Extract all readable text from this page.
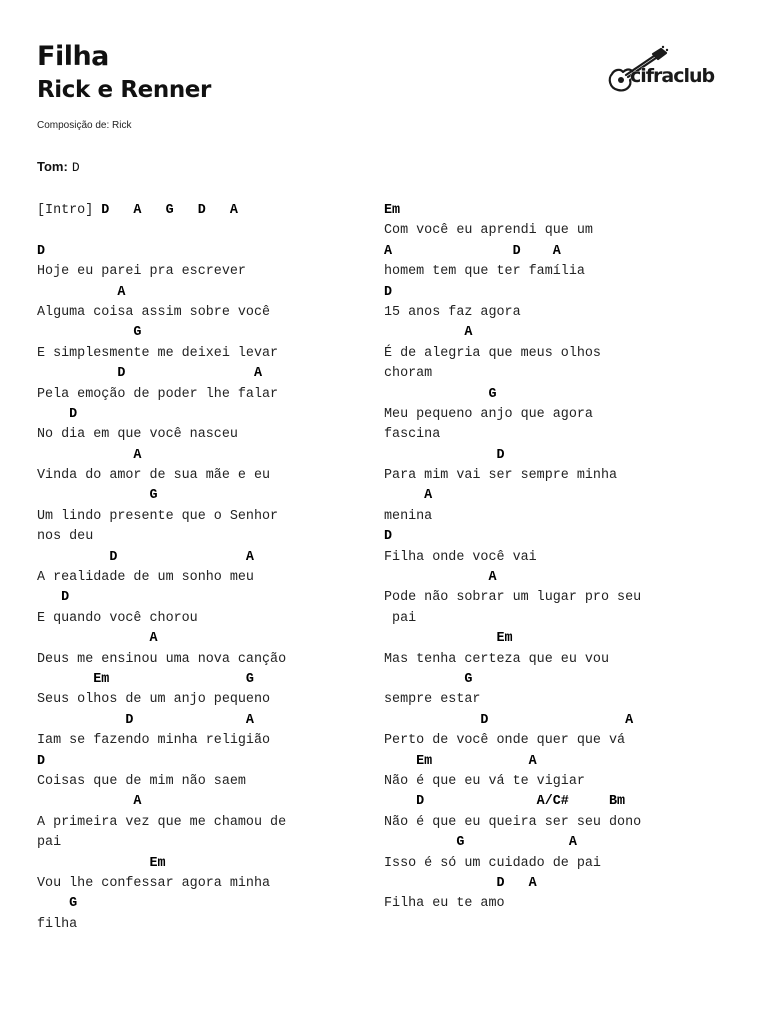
Filha
Rick e Renner
Composição de: Rick
Tom: D
cifraclub
[Intro] D   A   G   D   A
D
Hoje eu parei pra escrever
A
Alguma coisa assim sobre você
G
E simplesmente me deixei levar
D                A
Pela emoção de poder lhe falar
D
No dia em que você nasceu
A
Vinda do amor de sua mãe e eu
G
Um lindo presente que o Senhor
nos deu
D                A
A realidade de um sonho meu
D
E quando você chorou
A
Deus me ensinou uma nova canção
Em                 G
Seus olhos de um anjo pequeno
D              A
Iam se fazendo minha religião
D
Coisas que de mim não saem
A
A primeira vez que me chamou de
pai
Em
Vou lhe confessar agora minha
G
filha
Em
Com você eu aprendi que um
A               D    A
homem tem que ter família
D
15 anos faz agora
A
É de alegria que meus olhos
choram
G
Meu pequeno anjo que agora
fascina
D
Para mim vai ser sempre minha
A
menina
D
Filha onde você vai
A
Pode não sobrar um lugar pro seu
pai
Em
Mas tenha certeza que eu vou
G
sempre estar
D                 A
Perto de você onde quer que vá
Em            A
Não é que eu vá te vigiar
D              A/C#     Bm
Não é que eu queira ser seu dono
G             A
Isso é só um cuidado de pai
D   A
Filha eu te amo
